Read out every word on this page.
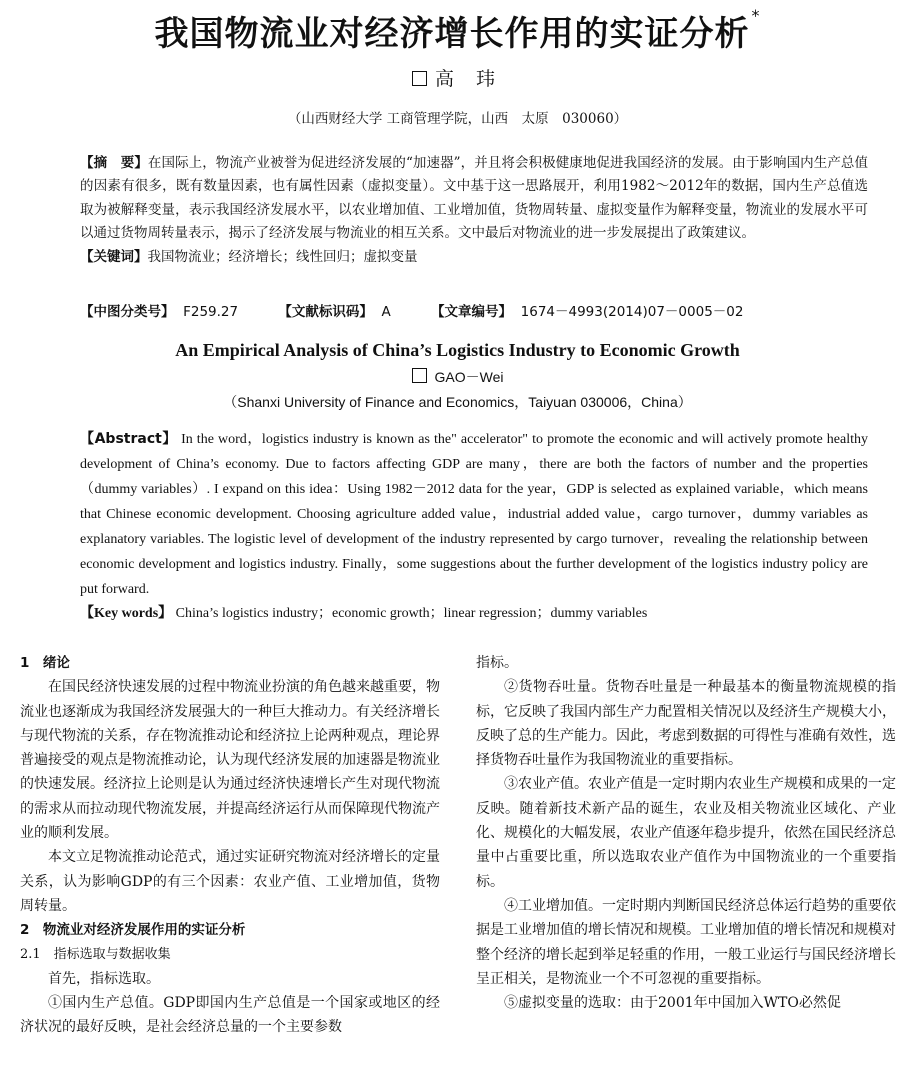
我国物流业对经济增长作用的实证分析 *
高 玮
（山西财经大学 工商管理学院，山西　太原　030060）
【摘　要】在国际上，物流产业被誉为促进经济发展的“加速器”，并且将会积极健康地促进我国经济的发展。由于影响国内生产总值的因素有很多，既有数量因素，也有属性因素（虚拟变量）。文中基于这一思路展开，利用1982～2012年的数据，国内生产总值选取为被解释变量，表示我国经济发展水平，以农业增加值、工业增加值，货物周转量、虚拟变量作为解释变量，物流业的发展水平可以通过货物周转量表示，揭示了经济发展与物流业的相互关系。文中最后对物流业的进一步发展提出了政策建议。
【关键词】我国物流业；经济增长；线性回归；虚拟变量
【中图分类号】 F259.27	【文献标识码】 A	【文章编号】 1674－4993(2014)07－0005－02
An Empirical Analysis of China’s Logistics Industry to Economic Growth
GAO－Wei
（Shanxi University of Finance and Economics，Taiyuan 030006，China）
【Abstract】 In the word，logistics industry is known as the" accelerator" to promote the economic and will actively promote healthy development of China’s economy. Due to factors affecting GDP are many，there are both the factors of number and the properties（dummy variables）. I expand on this idea：Using 1982－2012 data for the year，GDP is selected as explained variable，which means that Chinese economic development. Choosing agriculture added value，industrial added value，cargo turnover，dummy variables as explanatory variables. The logistic level of development of the industry represented by cargo turnover，revealing the relationship between economic development and logistics industry. Finally，some suggestions about the further development of the logistics industry policy are put forward.
【Key words】 China’s logistics industry；economic growth；linear regression；dummy variables

1　绪论

在国民经济快速发展的过程中物流业扮演的角色越来越重要，物流业也逐渐成为我国经济发展强大的一种巨大推动力。有关经济增长与现代物流的关系，存在物流推动论和经济拉上论两种观点，理论界普遍接受的观点是物流推动论，认为现代经济发展的加速器是物流业的快速发展。经济拉上论则是认为通过经济快速增长产生对现代物流的需求从而拉动现代物流发展，并提高经济运行从而保障现代物流产业的顺利发展。

本文立足物流推动论范式，通过实证研究物流对经济增长的定量关系，认为影响GDP的有三个因素：农业产值、工业增加值，货物周转量。

2　物流业对经济发展作用的实证分析

2.1　指标选取与数据收集

首先，指标选取。

①国内生产总值。GDP即国内生产总值是一个国家或地区的经济状况的最好反映，是社会经济总量的一个主要参数

指标。

②货物吞吐量。货物吞吐量是一种最基本的衡量物流规模的指标，它反映了我国内部生产力配置相关情况以及经济生产规模大小，反映了总的生产能力。因此，考虑到数据的可得性与准确有效性，选择货物吞吐量作为我国物流业的重要指标。

③农业产值。农业产值是一定时期内农业生产规模和成果的一定反映。随着新技术新产品的诞生，农业及相关物流业区域化、产业化、规模化的大幅发展，农业产值逐年稳步提升，依然在国民经济总量中占重要比重，所以选取农业产值作为中国物流业的一个重要指标。

④工业增加值。一定时期内判断国民经济总体运行趋势的重要依据是工业增加值的增长情况和规模。工业增加值的增长情况和规模对整个经济的增长起到举足轻重的作用，一般工业运行与国民经济增长呈正相关，是物流业一个不可忽视的重要指标。

⑤虚拟变量的选取：由于2001年中国加入WTO必然促
